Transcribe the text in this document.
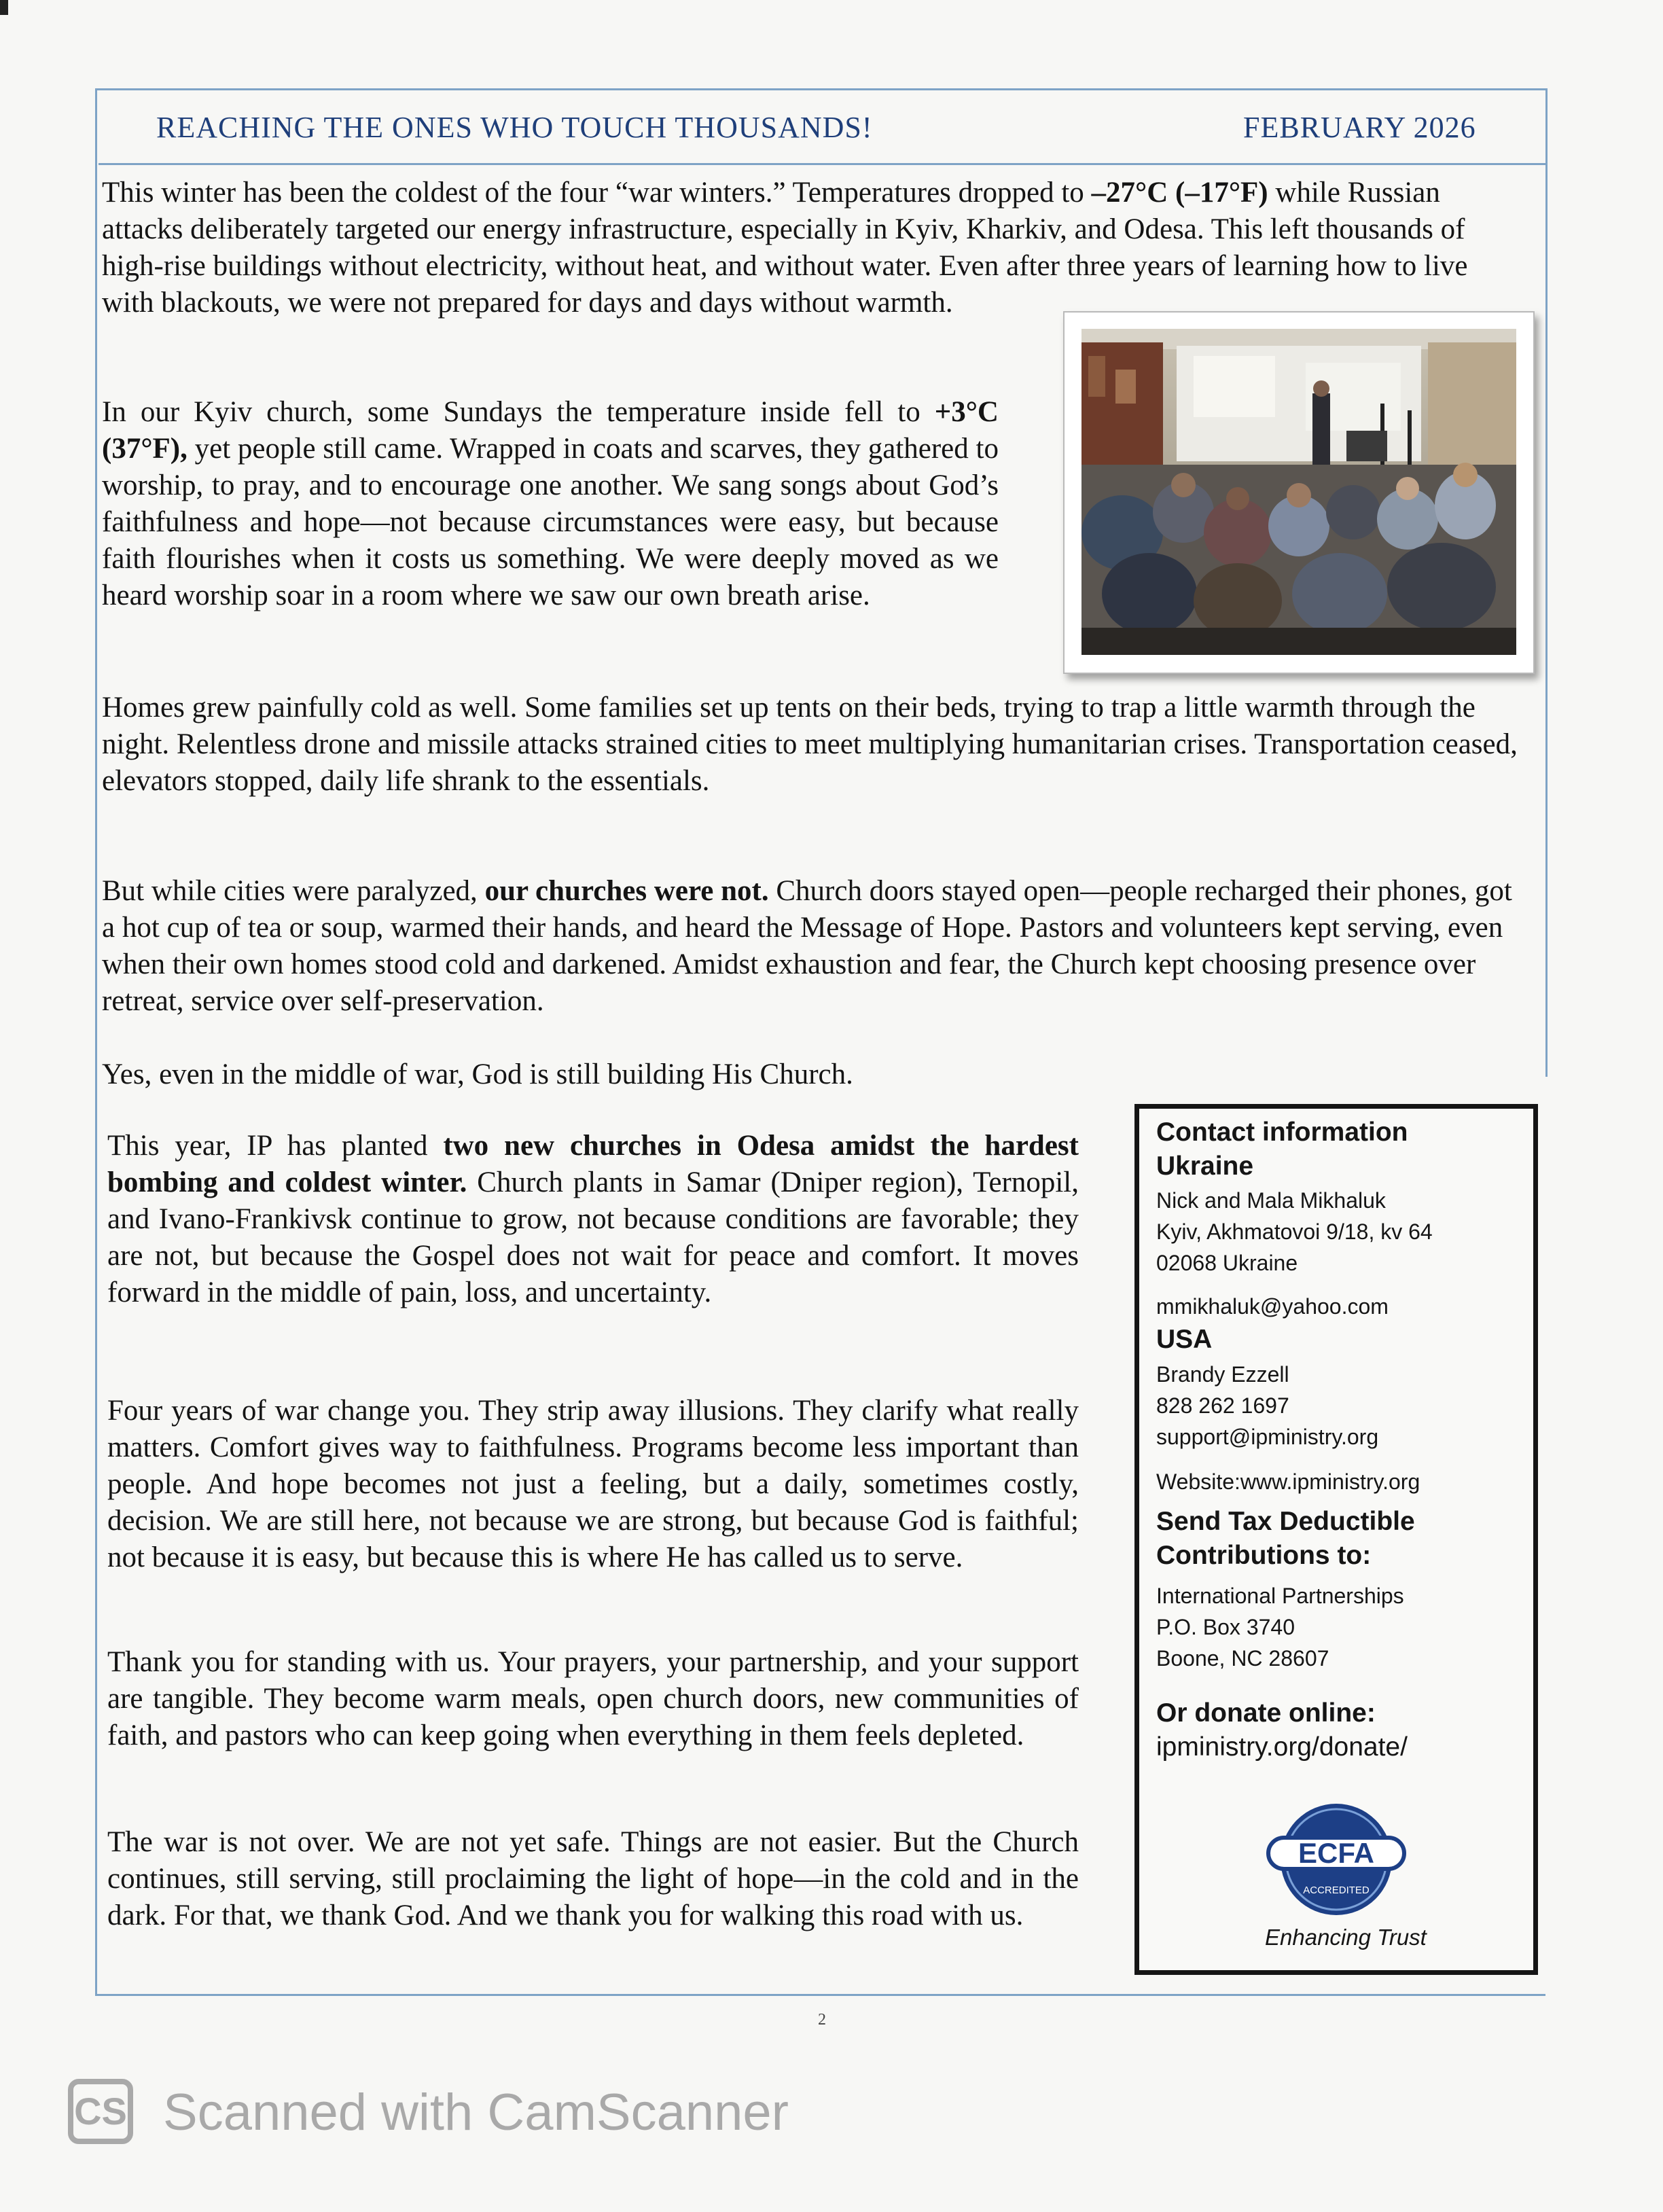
REACHING THE ONES WHO TOUCH THOUSANDS!	FEBRUARY 2026

This winter has been the coldest of the four “war winters.” Temperatures dropped to –27°C (–17°F) while Russian attacks deliberately targeted our energy infrastructure, especially in Kyiv, Kharkiv, and Odesa. This left thousands of high-rise buildings without electricity, without heat, and without water. Even after three years of learning how to live with blackouts, we were not prepared for days and days without warmth.

In our Kyiv church, some Sundays the temperature inside fell to +3°C (37°F), yet people still came. Wrapped in coats and scarves, they gathered to worship, to pray, and to encourage one another. We sang songs about God’s faithfulness and hope—not because circumstances were easy, but because faith flourishes when it costs us something. We were deeply moved as we heard worship soar in a room where we saw our own breath arise.

Homes grew painfully cold as well. Some families set up tents on their beds, trying to trap a little warmth through the night. Relentless drone and missile attacks strained cities to meet multiplying humanitarian crises. Transportation ceased, elevators stopped, daily life shrank to the essentials.

But while cities were paralyzed, our churches were not. Church doors stayed open—people recharged their phones, got a hot cup of tea or soup, warmed their hands, and heard the Message of Hope. Pastors and volunteers kept serving, even when their own homes stood cold and darkened. Amidst exhaustion and fear, the Church kept choosing presence over retreat, service over self-preservation.

Yes, even in the middle of war, God is still building His Church.

This year, IP has planted two new churches in Odesa amidst the hardest bombing and coldest winter. Church plants in Samar (Dniper region), Ternopil, and Ivano-Frankivsk continue to grow, not because conditions are favorable; they are not, but because the Gospel does not wait for peace and comfort. It moves forward in the middle of pain, loss, and uncertainty.

Four years of war change you. They strip away illusions. They clarify what really matters. Comfort gives way to faithfulness. Programs become less important than people. And hope becomes not just a feeling, but a daily, sometimes costly, decision. We are still here, not because we are strong, but because God is faithful; not because it is easy, but because this is where He has called us to serve.

Thank you for standing with us. Your prayers, your partnership, and your support are tangible. They become warm meals, open church doors, new communities of faith, and pastors who can keep going when everything in them feels depleted.

The war is not over. We are not yet safe. Things are not easier. But the Church continues, still serving, still proclaiming the light of hope—in the cold and in the dark. For that, we thank God. And we thank you for walking this road with us.

Contact information

Ukraine

Nick and Mala Mikhaluk

Kyiv, Akhmatovoi 9/18, kv 64

02068 Ukraine

mmikhaluk@yahoo.com

USA

Brandy Ezzell

828 262 1697

support@ipministry.org

Website:www.ipministry.org

Send Tax Deductible

Contributions to:

International Partnerships

P.O. Box 3740

Boone, NC 28607

Or donate online:

ipministry.org/donate/

ECFA
ACCREDITED

Enhancing Trust

2
CS Scanned with CamScanner
